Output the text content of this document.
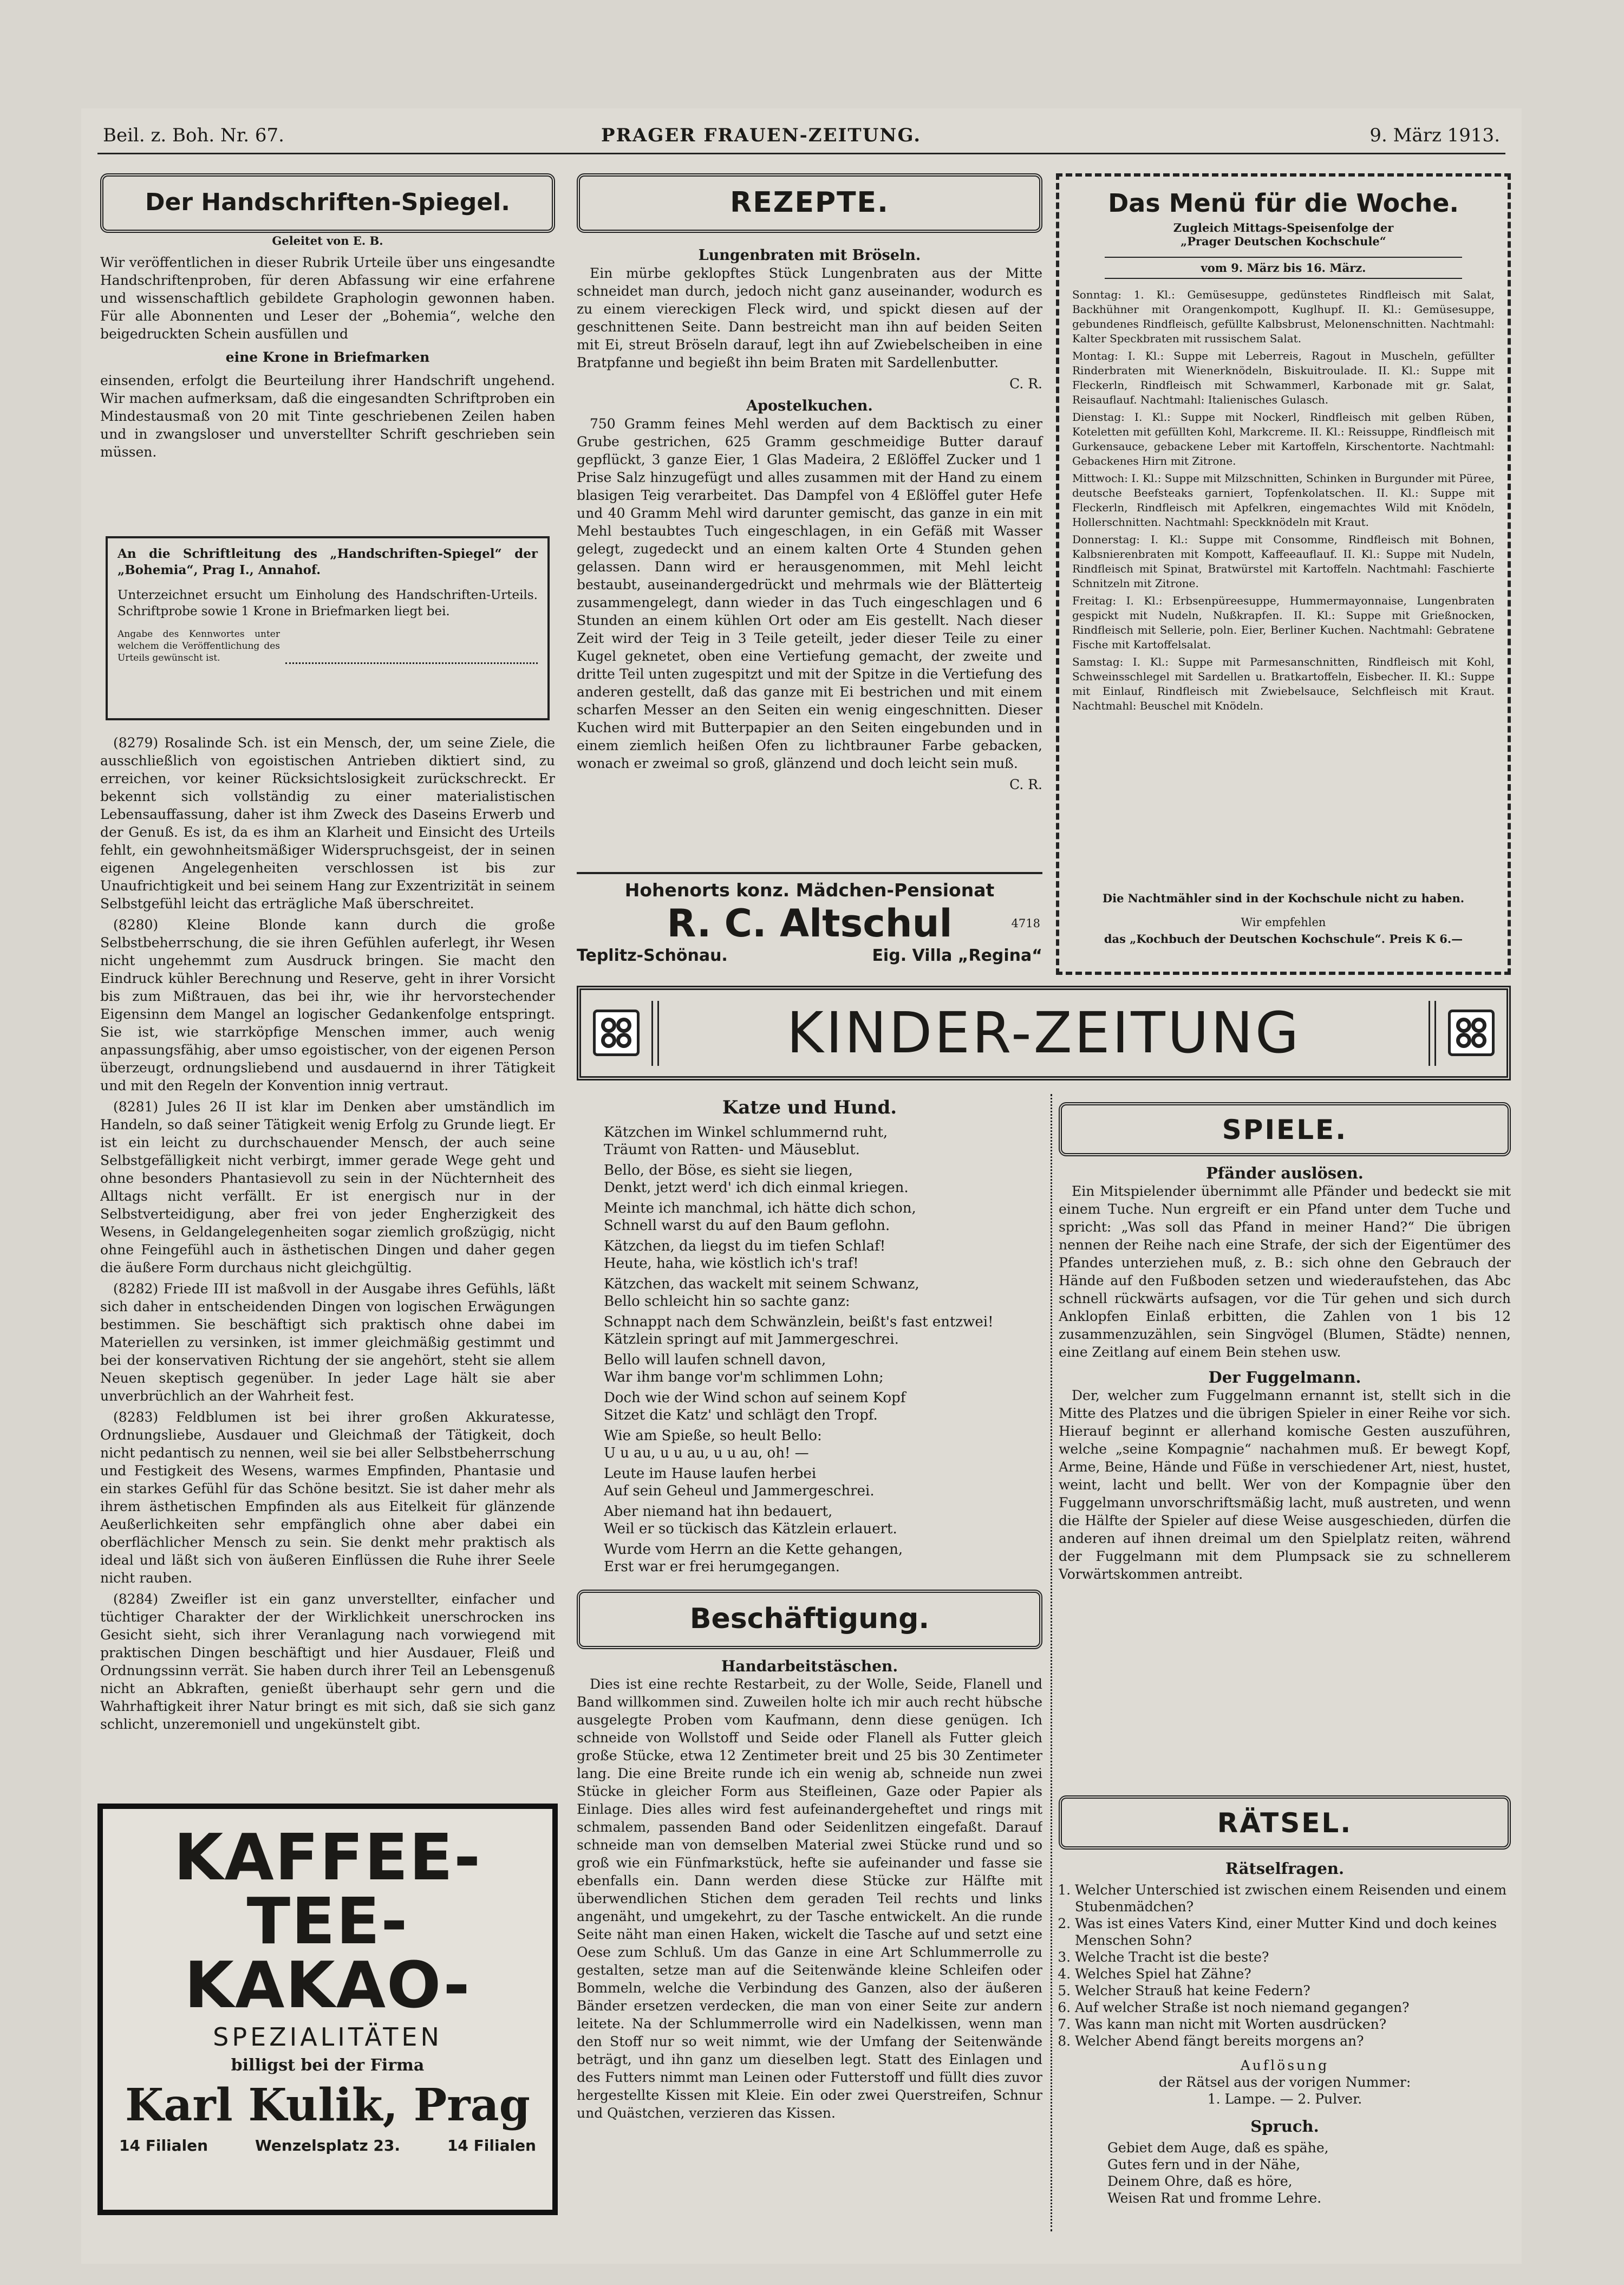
Beil. z. Boh. Nr. 67.	PRAGER FRAUEN-ZEITUNG.	9. März 1913.
Der Handschriften-Spiegel.
Geleitet von E. B.
Wir veröffentlichen in dieser Rubrik Urteile über uns eingesandte Handschriftenproben, für deren Abfassung wir eine erfahrene und wissenschaftlich gebildete Graphologin gewonnen haben. Für alle Abonnenten und Leser der „Bohemia“, welche den beigedruckten Schein ausfüllen und
eine Krone in Briefmarken
einsenden, erfolgt die Beurteilung ihrer Handschrift ungehend. Wir machen aufmerksam, daß die eingesandten Schriftproben ein Mindestausmaß von 20 mit Tinte geschriebenen Zeilen haben und in zwangsloser und unverstellter Schrift geschrieben sein müssen.
An die Schriftleitung des „Handschriften-Spiegel“ der „Bohemia“, Prag I., Annahof.
Unterzeichnet ersucht um Einholung des Handschriften-Urteils. Schriftprobe sowie 1 Krone in Briefmarken liegt bei.
Angabe des Kennwortes unter welchem die Veröffentlichung des Urteils gewünscht ist.

(8279) Rosalinde Sch. ist ein Mensch, der, um seine Ziele, die ausschließlich von egoistischen Antrieben diktiert sind, zu erreichen, vor keiner Rücksichtslosigkeit zurückschreckt. Er bekennt sich vollständig zu einer materialistischen Lebensauffassung, daher ist ihm Zweck des Daseins Erwerb und der Genuß. Es ist, da es ihm an Klarheit und Einsicht des Urteils fehlt, ein gewohnheitsmäßiger Widerspruchsgeist, der in seinen eigenen Angelegenheiten verschlossen ist bis zur Unaufrichtigkeit und bei seinem Hang zur Exzentrizität in seinem Selbstgefühl leicht das erträgliche Maß überschreitet.

(8280) Kleine Blonde kann durch die große Selbstbeherrschung, die sie ihren Gefühlen auferlegt, ihr Wesen nicht ungehemmt zum Ausdruck bringen. Sie macht den Eindruck kühler Berechnung und Reserve, geht in ihrer Vorsicht bis zum Mißtrauen, das bei ihr, wie ihr hervorstechender Eigensinn dem Mangel an logischer Gedankenfolge entspringt. Sie ist, wie starrköpfige Menschen immer, auch wenig anpassungsfähig, aber umso egoistischer, von der eigenen Person überzeugt, ordnungsliebend und ausdauernd in ihrer Tätigkeit und mit den Regeln der Konvention innig vertraut.

(8281) Jules 26 II ist klar im Denken aber umständlich im Handeln, so daß seiner Tätigkeit wenig Erfolg zu Grunde liegt. Er ist ein leicht zu durchschauender Mensch, der auch seine Selbstgefälligkeit nicht verbirgt, immer gerade Wege geht und ohne besonders Phantasievoll zu sein in der Nüchternheit des Alltags nicht verfällt. Er ist energisch nur in der Selbstverteidigung, aber frei von jeder Engherzigkeit des Wesens, in Geldangelegenheiten sogar ziemlich großzügig, nicht ohne Feingefühl auch in ästhetischen Dingen und daher gegen die äußere Form durchaus nicht gleichgültig.

(8282) Friede III ist maßvoll in der Ausgabe ihres Gefühls, läßt sich daher in entscheidenden Dingen von logischen Erwägungen bestimmen. Sie beschäftigt sich praktisch ohne dabei im Materiellen zu versinken, ist immer gleichmäßig gestimmt und bei der konservativen Richtung der sie angehört, steht sie allem Neuen skeptisch gegenüber. In jeder Lage hält sie aber unverbrüchlich an der Wahrheit fest.

(8283) Feldblumen ist bei ihrer großen Akkuratesse, Ordnungsliebe, Ausdauer und Gleichmaß der Tätigkeit, doch nicht pedantisch zu nennen, weil sie bei aller Selbstbeherrschung und Festigkeit des Wesens, warmes Empfinden, Phantasie und ein starkes Gefühl für das Schöne besitzt. Sie ist daher mehr als ihrem ästhetischen Empfinden als aus Eitelkeit für glänzende Aeußerlichkeiten sehr empfänglich ohne aber dabei ein oberflächlicher Mensch zu sein. Sie denkt mehr praktisch als ideal und läßt sich von äußeren Einflüssen die Ruhe ihrer Seele nicht rauben.

(8284) Zweifler ist ein ganz unverstellter, einfacher und tüchtiger Charakter der der Wirklichkeit unerschrocken ins Gesicht sieht, sich ihrer Veranlagung nach vorwiegend mit praktischen Dingen beschäftigt und hier Ausdauer, Fleiß und Ordnungssinn verrät. Sie haben durch ihrer Teil an Lebensgenuß nicht an Abkraften, genießt überhaupt sehr gern und die Wahrhaftigkeit ihrer Natur bringt es mit sich, daß sie sich ganz schlicht, unzeremoniell und ungekünstelt gibt.

KAFFEE-
TEE-
KAKAO-
SPEZIALITÄTEN
billigst bei der Firma
Karl Kulik, Prag
14 Filialen	Wenzelsplatz 23.	14 Filialen
REZEPTE.
Lungenbraten mit Bröseln.

Ein mürbe geklopftes Stück Lungenbraten aus der Mitte schneidet man durch, jedoch nicht ganz auseinander, wodurch es zu einem viereckigen Fleck wird, und spickt diesen auf der geschnittenen Seite. Dann bestreicht man ihn auf beiden Seiten mit Ei, streut Bröseln darauf, legt ihn auf Zwiebelscheiben in eine Bratpfanne und begießt ihn beim Braten mit Sardellenbutter.

C. R.
Apostelkuchen.

750 Gramm feines Mehl werden auf dem Backtisch zu einer Grube gestrichen, 625 Gramm geschmeidige Butter darauf gepflückt, 3 ganze Eier, 1 Glas Madeira, 2 Eßlöffel Zucker und 1 Prise Salz hinzugefügt und alles zusammen mit der Hand zu einem blasigen Teig verarbeitet. Das Dampfel von 4 Eßlöffel guter Hefe und 40 Gramm Mehl wird darunter gemischt, das ganze in ein mit Mehl bestaubtes Tuch eingeschlagen, in ein Gefäß mit Wasser gelegt, zugedeckt und an einem kalten Orte 4 Stunden gehen gelassen. Dann wird er herausgenommen, mit Mehl leicht bestaubt, auseinandergedrückt und mehrmals wie der Blätterteig zusammengelegt, dann wieder in das Tuch eingeschlagen und 6 Stunden an einem kühlen Ort oder am Eis gestellt. Nach dieser Zeit wird der Teig in 3 Teile geteilt, jeder dieser Teile zu einer Kugel geknetet, oben eine Vertiefung gemacht, der zweite und dritte Teil unten zugespitzt und mit der Spitze in die Vertiefung des anderen gestellt, daß das ganze mit Ei bestrichen und mit einem scharfen Messer an den Seiten ein wenig eingeschnitten. Dieser Kuchen wird mit Butterpapier an den Seiten eingebunden und in einem ziemlich heißen Ofen zu lichtbrauner Farbe gebacken, wonach er zweimal so groß, glänzend und doch leicht sein muß.

C. R.
Hohenorts konz. Mädchen-Pensionat
R. C. Altschul	4718
Teplitz-Schönau.	Eig. Villa „Regina“
Das Menü für die Woche.
Zugleich Mittags-Speisenfolge der
„Prager Deutschen Kochschule“
vom 9. März bis 16. März.
Sonntag: 1. Kl.: Gemüsesuppe, gedünstetes Rindfleisch mit Salat, Backhühner mit Orangenkompott, Kuglhupf. II. Kl.: Gemüsesuppe, gebundenes Rindfleisch, gefüllte Kalbsbrust, Melonenschnitten. Nachtmahl: Kalter Speckbraten mit russischem Salat.
Montag: I. Kl.: Suppe mit Leberreis, Ragout in Muscheln, gefüllter Rinderbraten mit Wienerknödeln, Biskuitroulade. II. Kl.: Suppe mit Fleckerln, Rindfleisch mit Schwammerl, Karbonade mit gr. Salat, Reisauflauf. Nachtmahl: Italienisches Gulasch.
Dienstag: I. Kl.: Suppe mit Nockerl, Rindfleisch mit gelben Rüben, Koteletten mit gefüllten Kohl, Markcreme. II. Kl.: Reissuppe, Rindfleisch mit Gurkensauce, gebackene Leber mit Kartoffeln, Kirschentorte. Nachtmahl: Gebackenes Hirn mit Zitrone.
Mittwoch: I. Kl.: Suppe mit Milzschnitten, Schinken in Burgunder mit Püree, deutsche Beefsteaks garniert, Topfenkolatschen. II. Kl.: Suppe mit Fleckerln, Rindfleisch mit Apfelkren, eingemachtes Wild mit Knödeln, Hollerschnitten. Nachtmahl: Speckknödeln mit Kraut.
Donnerstag: I. Kl.: Suppe mit Consomme, Rindfleisch mit Bohnen, Kalbsnierenbraten mit Kompott, Kaffeeauflauf. II. Kl.: Suppe mit Nudeln, Rindfleisch mit Spinat, Bratwürstel mit Kartoffeln. Nachtmahl: Faschierte Schnitzeln mit Zitrone.
Freitag: I. Kl.: Erbsenpüreesuppe, Hummermayonnaise, Lungenbraten gespickt mit Nudeln, Nußkrapfen. II. Kl.: Suppe mit Grießnocken, Rindfleisch mit Sellerie, poln. Eier, Berliner Kuchen. Nachtmahl: Gebratene Fische mit Kartoffelsalat.
Samstag: I. Kl.: Suppe mit Parmesanschnitten, Rindfleisch mit Kohl, Schweinsschlegel mit Sardellen u. Bratkartoffeln, Eisbecher. II. Kl.: Suppe mit Einlauf, Rindfleisch mit Zwiebelsauce, Selchfleisch mit Kraut. Nachtmahl: Beuschel mit Knödeln.
Die Nachtmähler sind in der Kochschule nicht zu haben.
Wir empfehlen
das „Kochbuch der Deutschen Kochschule“. Preis K 6.—
KINDER-ZEITUNG
Katze und Hund.
Kätzchen im Winkel schlummernd ruht,
Träumt von Ratten- und Mäuseblut.
Bello, der Böse, es sieht sie liegen,
Denkt, jetzt werd' ich dich einmal kriegen.
Meinte ich manchmal, ich hätte dich schon,
Schnell warst du auf den Baum geflohn.
Kätzchen, da liegst du im tiefen Schlaf!
Heute, haha, wie köstlich ich's traf!
Kätzchen, das wackelt mit seinem Schwanz,
Bello schleicht hin so sachte ganz:
Schnappt nach dem Schwänzlein, beißt's fast entzwei!
Kätzlein springt auf mit Jammergeschrei.
Bello will laufen schnell davon,
War ihm bange vor'm schlimmen Lohn;
Doch wie der Wind schon auf seinem Kopf
Sitzet die Katz' und schlägt den Tropf.
Wie am Spieße, so heult Bello:
U u au, u u au, u u au, oh! —
Leute im Hause laufen herbei
Auf sein Geheul und Jammergeschrei.
Aber niemand hat ihn bedauert,
Weil er so tückisch das Kätzlein erlauert.
Wurde vom Herrn an die Kette gehangen,
Erst war er frei herumgegangen.
Beschäftigung.
Handarbeitstäschen.

Dies ist eine rechte Restarbeit, zu der Wolle, Seide, Flanell und Band willkommen sind. Zuweilen holte ich mir auch recht hübsche ausgelegte Proben vom Kaufmann, denn diese genügen. Ich schneide von Wollstoff und Seide oder Flanell als Futter gleich große Stücke, etwa 12 Zentimeter breit und 25 bis 30 Zentimeter lang. Die eine Breite runde ich ein wenig ab, schneide nun zwei Stücke in gleicher Form aus Steifleinen, Gaze oder Papier als Einlage. Dies alles wird fest aufeinandergeheftet und rings mit schmalem, passenden Band oder Seidenlitzen eingefaßt. Darauf schneide man von demselben Material zwei Stücke rund und so groß wie ein Fünfmarkstück, hefte sie aufeinander und fasse sie ebenfalls ein. Dann werden diese Stücke zur Hälfte mit überwendlichen Stichen dem geraden Teil rechts und links angenäht, und umgekehrt, zu der Tasche entwickelt. An die runde Seite näht man einen Haken, wickelt die Tasche auf und setzt eine Oese zum Schluß. Um das Ganze in eine Art Schlummerrolle zu gestalten, setze man auf die Seitenwände kleine Schleifen oder Bommeln, welche die Verbindung des Ganzen, also der äußeren Bänder ersetzen verdecken, die man von einer Seite zur andern leitete. Na der Schlummerrolle wird ein Nadelkissen, wenn man den Stoff nur so weit nimmt, wie der Umfang der Seitenwände beträgt, und ihn ganz um dieselben legt. Statt des Einlagen und des Futters nimmt man Leinen oder Futterstoff und füllt dies zuvor hergestellte Kissen mit Kleie. Ein oder zwei Querstreifen, Schnur und Quästchen, verzieren das Kissen.

SPIELE.
Pfänder auslösen.

Ein Mitspielender übernimmt alle Pfänder und bedeckt sie mit einem Tuche. Nun ergreift er ein Pfand unter dem Tuche und spricht: „Was soll das Pfand in meiner Hand?“ Die übrigen nennen der Reihe nach eine Strafe, der sich der Eigentümer des Pfandes unterziehen muß, z. B.: sich ohne den Gebrauch der Hände auf den Fußboden setzen und wiederaufstehen, das Abc schnell rückwärts aufsagen, vor die Tür gehen und sich durch Anklopfen Einlaß erbitten, die Zahlen von 1 bis 12 zusammenzuzählen, sein Singvögel (Blumen, Städte) nennen, eine Zeitlang auf einem Bein stehen usw.

Der Fuggelmann.

Der, welcher zum Fuggelmann ernannt ist, stellt sich in die Mitte des Platzes und die übrigen Spieler in einer Reihe vor sich. Hierauf beginnt er allerhand komische Gesten auszuführen, welche „seine Kompagnie“ nachahmen muß. Er bewegt Kopf, Arme, Beine, Hände und Füße in verschiedener Art, niest, hustet, weint, lacht und bellt. Wer von der Kompagnie über den Fuggelmann unvorschriftsmäßig lacht, muß austreten, und wenn die Hälfte der Spieler auf diese Weise ausgeschieden, dürfen die anderen auf ihnen dreimal um den Spielplatz reiten, während der Fuggelmann mit dem Plumpsack sie zu schnellerem Vorwärtskommen antreibt.

RÄTSEL.
Rätselfragen.
1. Welcher Unterschied ist zwischen einem Reisenden und einem Stubenmädchen?
2. Was ist eines Vaters Kind, einer Mutter Kind und doch keines Menschen Sohn?
3. Welche Tracht ist die beste?
4. Welches Spiel hat Zähne?
5. Welcher Strauß hat keine Federn?
6. Auf welcher Straße ist noch niemand gegangen?
7. Was kann man nicht mit Worten ausdrücken?
8. Welcher Abend fängt bereits morgens an?
Auflösung
der Rätsel aus der vorigen Nummer:
1. Lampe. — 2. Pulver.
Spruch.
Gebiet dem Auge, daß es spähe,
Gutes fern und in der Nähe,
Deinem Ohre, daß es höre,
Weisen Rat und fromme Lehre.
